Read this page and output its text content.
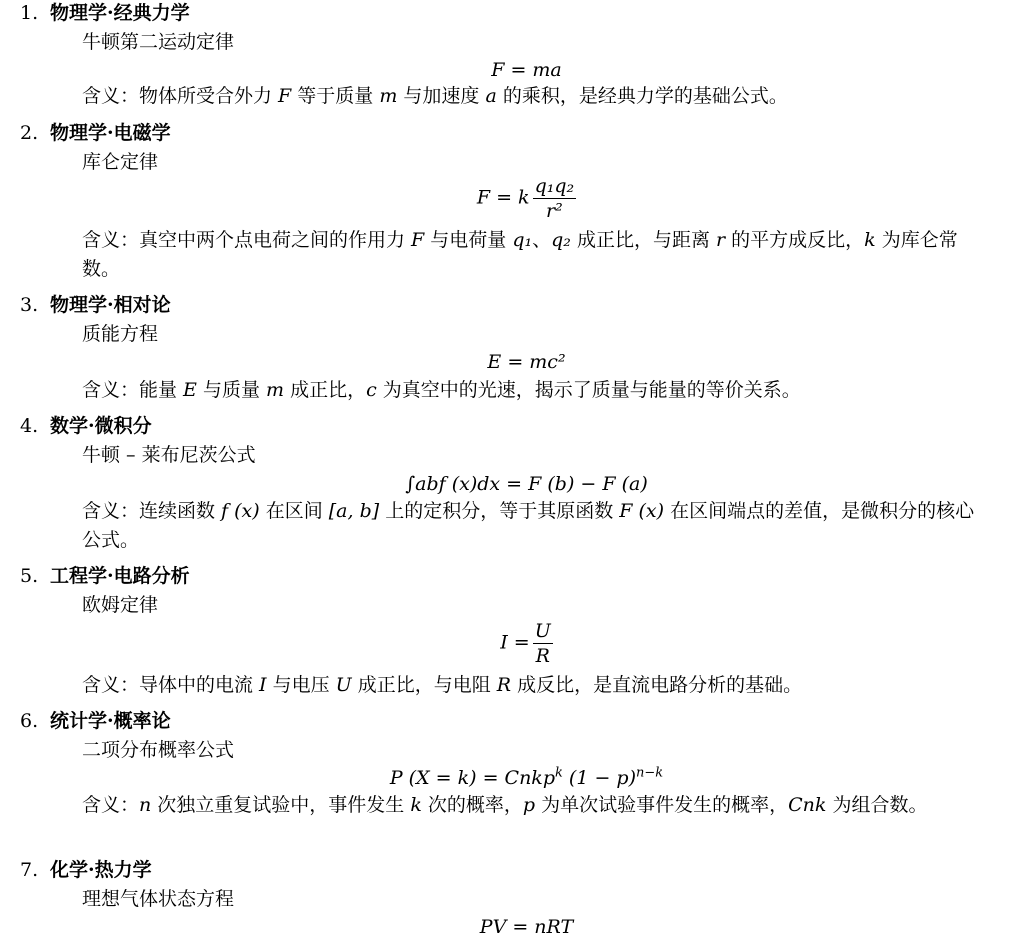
1. 物理学·经典力学
牛顿第二运动定律
F = ma
含义：物体所受合外力 F 等于质量 m 与加速度 a 的乘积，是经典力学的基础公式。
2. 物理学·电磁学
库仑定律
F = k $\frac{\text{q₁q₂}}{\text{r²}}$
含义：真空中两个点电荷之间的作用力 F 与电荷量 q₁、q₂ 成正比，与距离 r 的平方成反比，k 为库仑常数。
3. 物理学·相对论
质能方程
E = mc²
含义：能量 E 与质量 m 成正比，c 为真空中的光速，揭示了质量与能量的等价关系。
4. 数学·微积分
牛顿 – 莱布尼茨公式
∫abf (x)dx = F (b) − F (a)
含义：连续函数 f (x) 在区间 [a, b] 上的定积分，等于其原函数 F (x) 在区间端点的差值，是微积分的核心公式。
5. 工程学·电路分析
欧姆定律
$I = \frac{U}{R}$
含义：导体中的电流 I 与电压 U 成正比，与电阻 R 成反比，是直流电路分析的基础。
6. 统计学·概率论
二项分布概率公式
P (X = k) = Cnkp$^k$ $(1 - p)^{n-k}$
含义：n 次独立重复试验中，事件发生 k 次的概率，p 为单次试验事件发生的概率，Cnk 为组合数。
7. 化学·热力学
理想气体状态方程
PV = nRT
